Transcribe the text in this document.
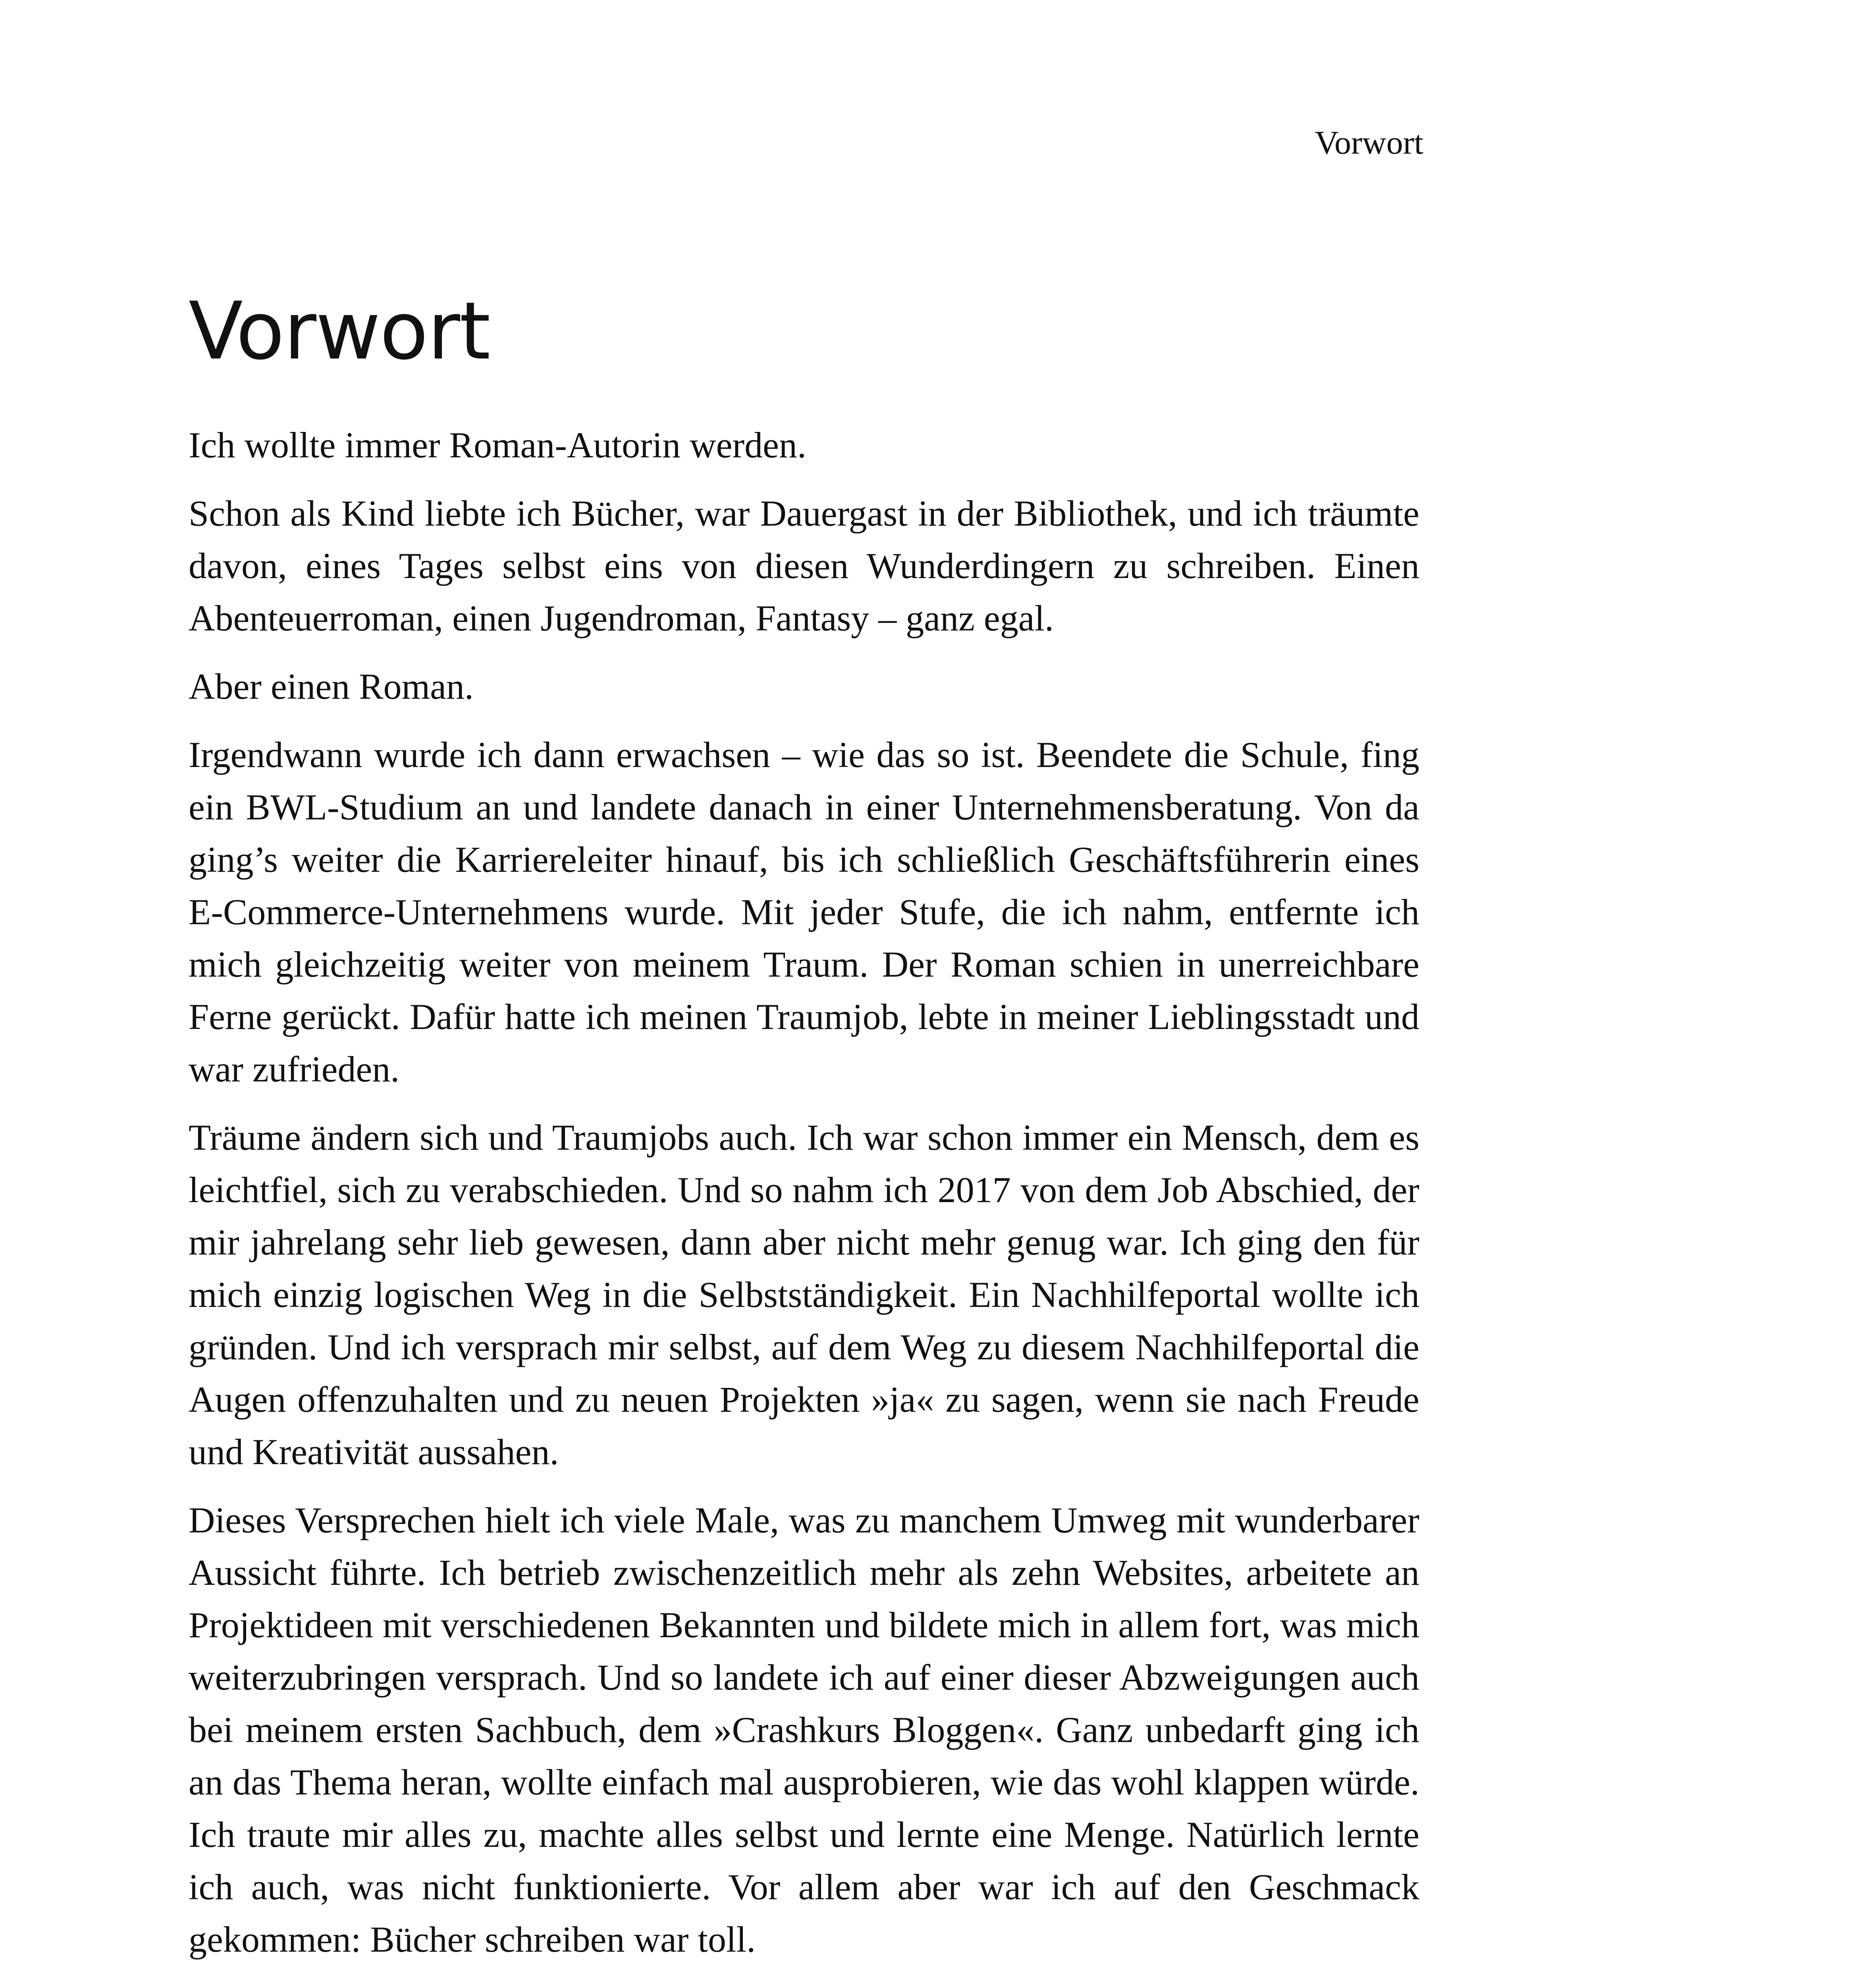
Vorwort
Vorwort

Ich wollte immer Roman-Autorin werden.

Schon als Kind liebte ich Bücher, war Dauergast in der Bibliothek, und ich träumte davon, eines Tages selbst eins von diesen Wunderdingern zu schreiben. Einen Abenteuerroman, einen Jugendroman, Fantasy – ganz egal.

Aber einen Roman.

Irgendwann wurde ich dann erwachsen – wie das so ist. Beendete die Schule, fing ein BWL-Studium an und landete danach in einer Unternehmensberatung. Von da ging’s weiter die Karriereleiter hinauf, bis ich schließlich Geschäftsführerin eines E-Commerce-Unternehmens wurde. Mit jeder Stufe, die ich nahm, entfernte ich mich gleichzeitig weiter von meinem Traum. Der Roman schien in unerreichbare Ferne gerückt. Dafür hatte ich meinen Traumjob, lebte in meiner Lieblingsstadt und war zufrieden.

Träume ändern sich und Traumjobs auch. Ich war schon immer ein Mensch, dem es leichtfiel, sich zu verabschieden. Und so nahm ich 2017 von dem Job Abschied, der mir jahrelang sehr lieb gewesen, dann aber nicht mehr genug war. Ich ging den für mich einzig logischen Weg in die Selbstständigkeit. Ein Nachhilfeportal wollte ich gründen. Und ich versprach mir selbst, auf dem Weg zu diesem Nachhilfeportal die Augen offenzuhalten und zu neuen Projekten »ja« zu sagen, wenn sie nach Freude und Kreativität aussahen.

Dieses Versprechen hielt ich viele Male, was zu manchem Umweg mit wunderbarer Aussicht führte. Ich betrieb zwischenzeitlich mehr als zehn Websites, arbeitete an Projektideen mit verschiedenen Bekannten und bildete mich in allem fort, was mich weiterzubringen versprach. Und so landete ich auf einer dieser Abzweigungen auch bei meinem ersten Sachbuch, dem »Crashkurs Bloggen«. Ganz unbedarft ging ich an das Thema heran, wollte einfach mal ausprobieren, wie das wohl klappen würde. Ich traute mir alles zu, machte alles selbst und lernte eine Menge. Natürlich lernte ich auch, was nicht funktionierte. Vor allem aber war ich auf den Geschmack gekommen: Bücher schreiben war toll.
